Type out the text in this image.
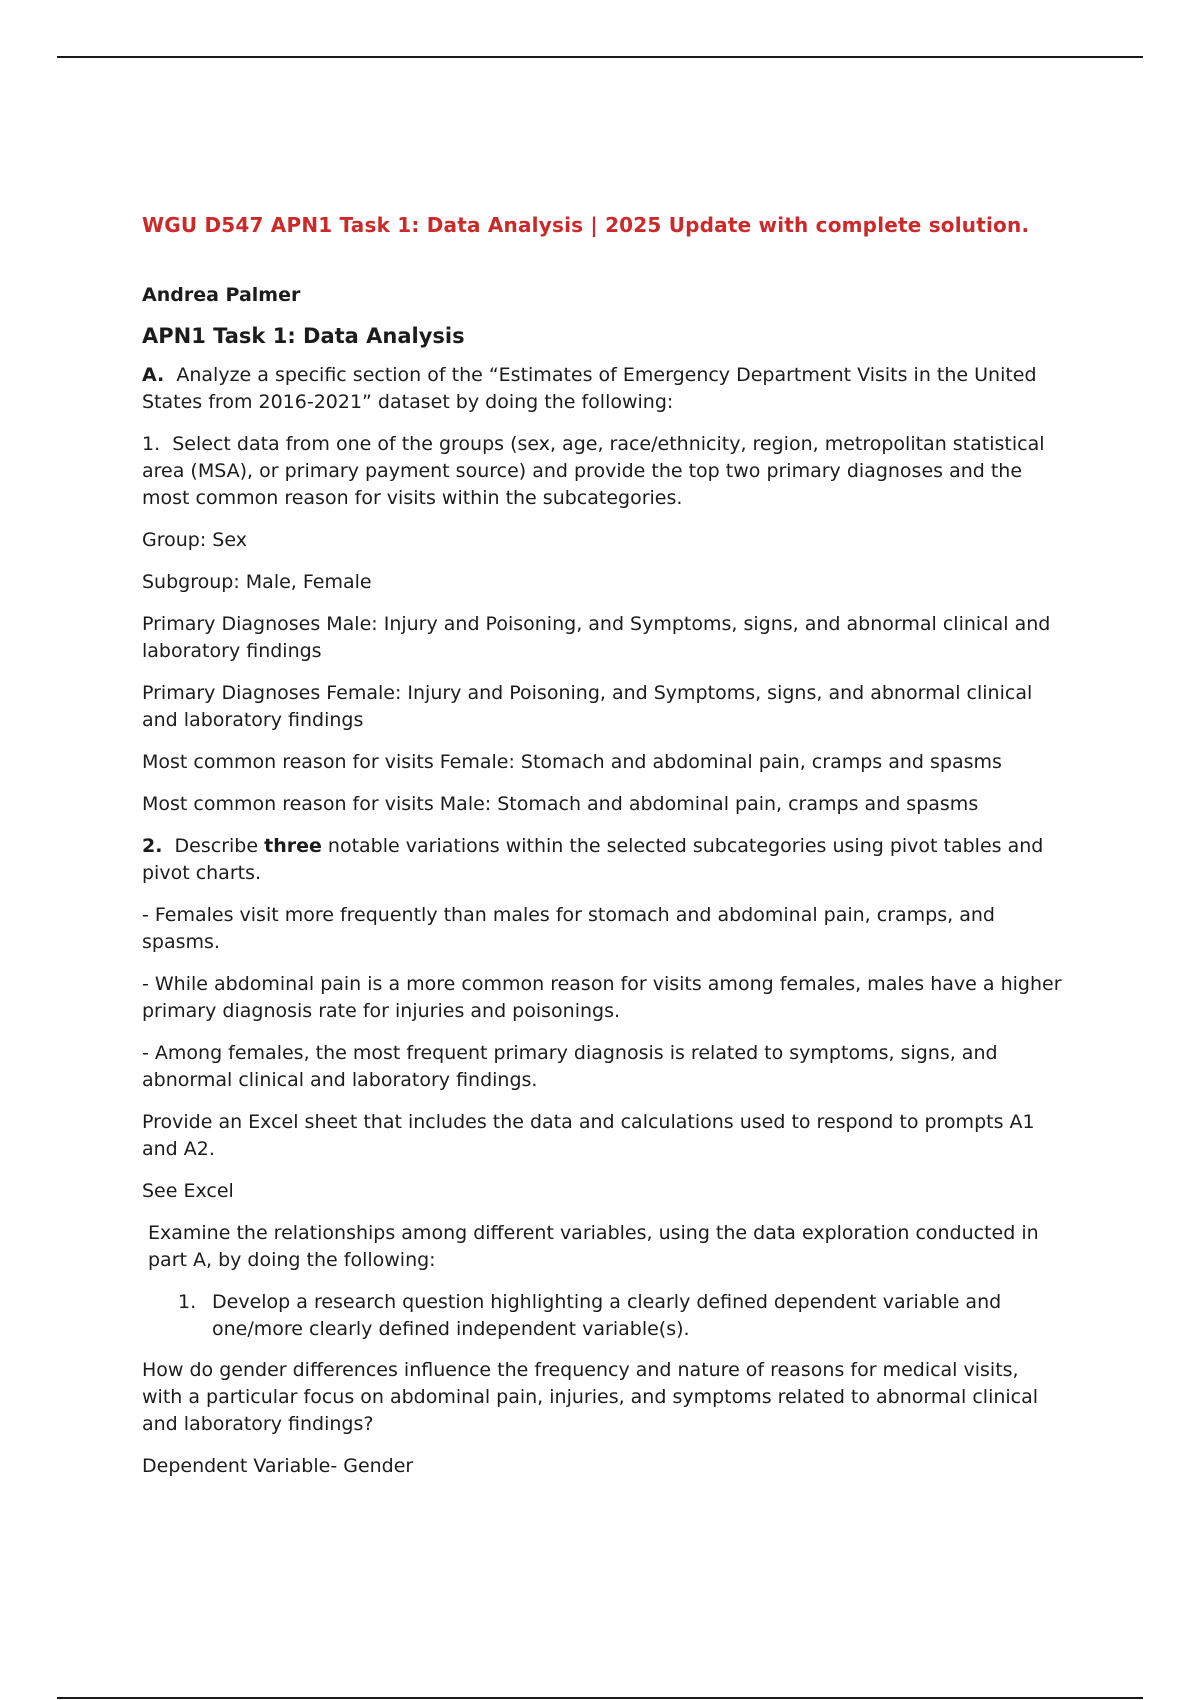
WGU D547 APN1 Task 1: Data Analysis | 2025 Update with complete solution.
Andrea Palmer
APN1 Task 1: Data Analysis

A. Analyze a specific section of the “Estimates of Emergency Department Visits in the United States from 2016-2021” dataset by doing the following:

1. Select data from one of the groups (sex, age, race/ethnicity, region, metropolitan statistical area (MSA), or primary payment source) and provide the top two primary diagnoses and the most common reason for visits within the subcategories.

Group: Sex

Subgroup: Male, Female

Primary Diagnoses Male: Injury and Poisoning, and Symptoms, signs, and abnormal clinical and laboratory findings

Primary Diagnoses Female: Injury and Poisoning, and Symptoms, signs, and abnormal clinical and laboratory findings

Most common reason for visits Female: Stomach and abdominal pain, cramps and spasms

Most common reason for visits Male: Stomach and abdominal pain, cramps and spasms

2. Describe three notable variations within the selected subcategories using pivot tables and pivot charts.

- Females visit more frequently than males for stomach and abdominal pain, cramps, and spasms.

- While abdominal pain is a more common reason for visits among females, males have a higher primary diagnosis rate for injuries and poisonings.

- Among females, the most frequent primary diagnosis is related to symptoms, signs, and abnormal clinical and laboratory findings.

Provide an Excel sheet that includes the data and calculations used to respond to prompts A1 and A2.

See Excel

Examine the relationships among different variables, using the data exploration conducted in part A, by doing the following:

1. Develop a research question highlighting a clearly defined dependent variable and one/more clearly defined independent variable(s).

How do gender differences influence the frequency and nature of reasons for medical visits, with a particular focus on abdominal pain, injuries, and symptoms related to abnormal clinical and laboratory findings?

Dependent Variable- Gender
